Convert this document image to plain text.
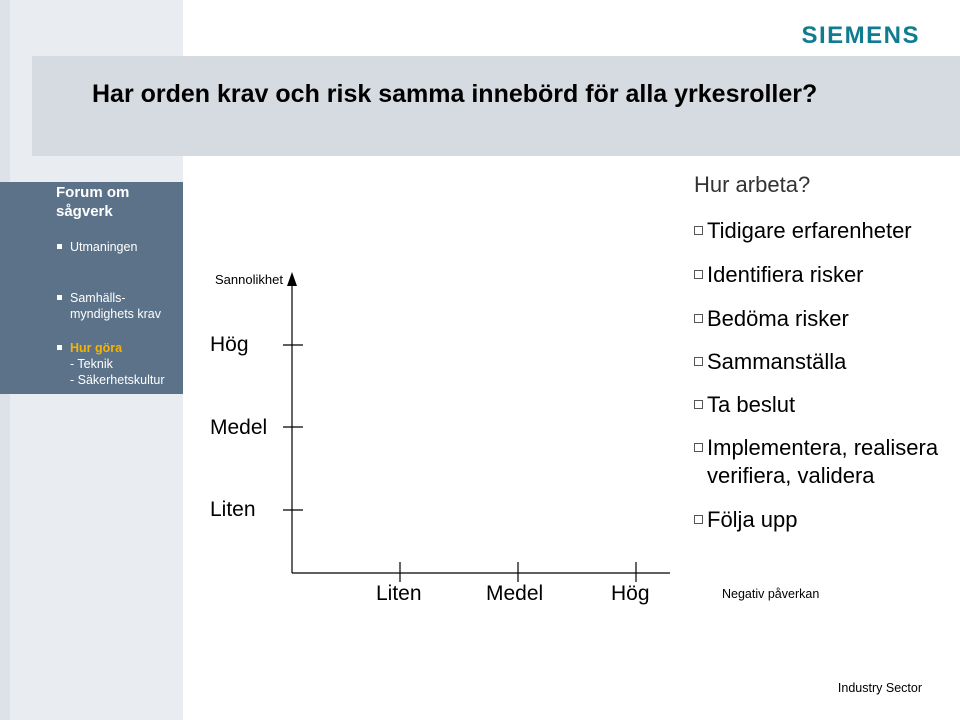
SIEMENS
Har orden krav och risk samma innebörd för alla yrkesroller?
Forum om sågverk
Utmaningen
Samhälls- myndighets krav
Hur göra
- Teknik
- Säkerhetskultur
Sannolikhet
Hög
Medel
Liten
Liten	Medel	Hög	Negativ påverkan
Hur arbeta?
Tidigare erfarenheter
Identifiera risker
Bedöma risker
Sammanställa
Ta beslut
Implementera, realisera
verifiera, validera
Följa upp
Industry Sector
